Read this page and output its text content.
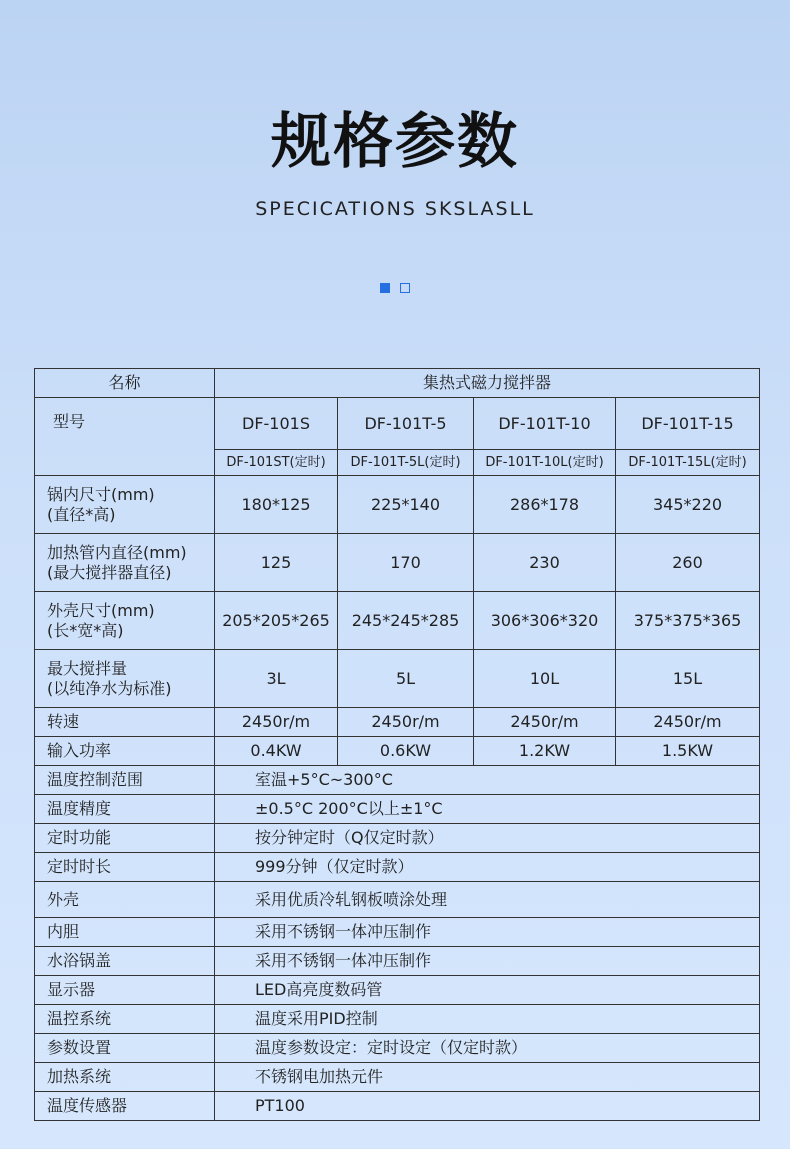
规格参数
SPECICATIONS SKSLASLL
名称	集热式磁力搅拌器			
型号	DF-101S	DF-101T-5	DF-101T-10	DF-101T-15
	DF-101ST(定时)	DF-101T-5L(定时)	DF-101T-10L(定时)	DF-101T-15L(定时)

锅内尺寸(mm)
(直径*高)	180*125	225*140	286*178	345*220

加热管内直径(mm)
(最大搅拌器直径)	125	170	230	260

外壳尺寸(mm)
(长*宽*高)	205*205*265	245*245*285	306*306*320	375*375*365

最大搅拌量
(以纯净水为标准)	3L	5L	10L	15L
转速	2450r/m	2450r/m	2450r/m	2450r/m
输入功率	0.4KW	0.6KW	1.2KW	1.5KW
温度控制范围	室温+5°C~300°C			
温度精度	±0.5°C 200°C以上±1°C			
定时功能	按分钟定时（Q仅定时款）			
定时时长	999分钟（仅定时款）			
外壳	采用优质冷轧钢板喷涂处理			
内胆	采用不锈钢一体冲压制作			
水浴锅盖	采用不锈钢一体冲压制作			
显示器	LED高亮度数码管			
温控系统	温度采用PID控制			
参数设置	温度参数设定：定时设定（仅定时款）			
加热系统	不锈钢电加热元件			
温度传感器	PT100			
